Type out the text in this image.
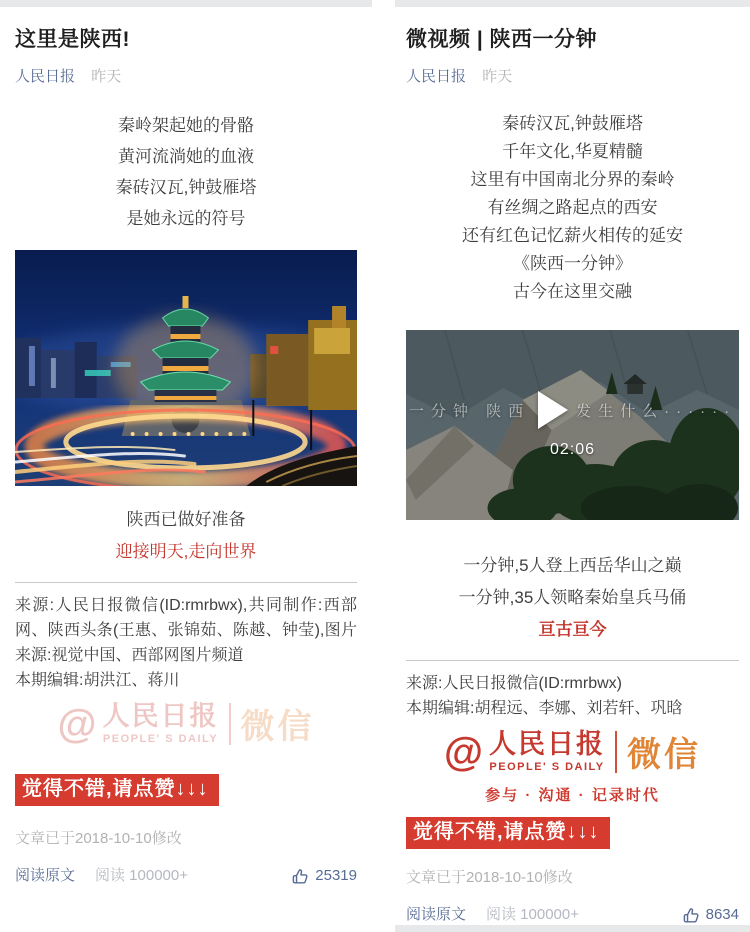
这里是陕西!
人民日报 昨天

秦岭架起她的骨骼

黄河流淌她的血液

秦砖汉瓦,钟鼓雁塔

是她永远的符号

陕西已做好准备

迎接明天,走向世界

来源:人民日报微信(ID:rmrbwx),共同制作:西部网、陕西头条(王惠、张锦茹、陈越、钟莹),图片来源:视觉中国、西部网图片频道

本期编辑:胡洪江、蒋川

@ 人民日报
PEOPLE' S DAILY 微信
觉得不错,请点赞↓↓↓
文章已于2018-10-10修改
阅读原文 阅读 100000+	25319
微视频 | 陕西一分钟
人民日报 昨天

秦砖汉瓦,钟鼓雁塔

千年文化,华夏精髓

这里有中国南北分界的秦岭

有丝绸之路起点的西安

还有红色记忆薪火相传的延安

《陕西一分钟》

古今在这里交融

一分钟 陕西	发生什么······
02:06

一分钟,5人登上西岳华山之巅

一分钟,35人领略秦始皇兵马俑

亘古亘今

来源:人民日报微信(ID:rmrbwx)

本期编辑:胡程远、李娜、刘若轩、巩晗

@ 人民日报
PEOPLE' S DAILY 微信
参与 · 沟通 · 记录时代
觉得不错,请点赞↓↓↓
文章已于2018-10-10修改
阅读原文 阅读 100000+	8634
